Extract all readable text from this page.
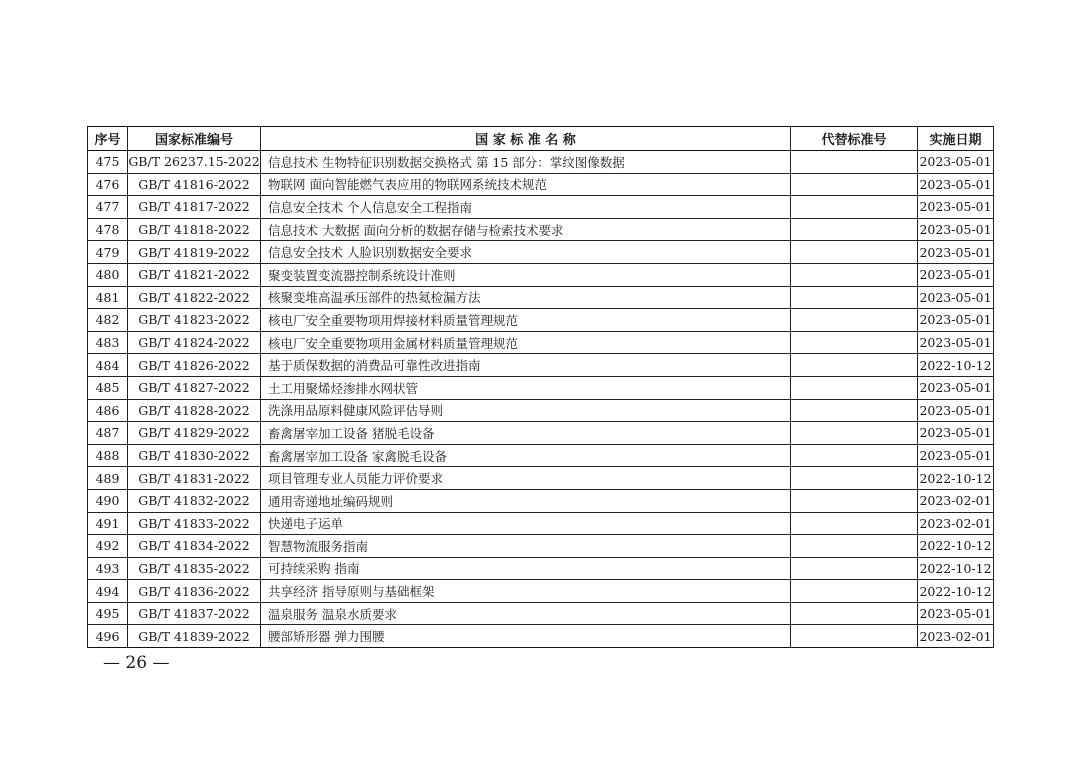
序号	国家标准编号	国 家 标 准 名 称	代替标准号	实施日期
475	GB/T 26237.15-2022	信息技术 生物特征识别数据交换格式 第 15 部分：掌纹图像数据		2023-05-01
476	GB/T 41816-2022	物联网 面向智能燃气表应用的物联网系统技术规范		2023-05-01
477	GB/T 41817-2022	信息安全技术 个人信息安全工程指南		2023-05-01
478	GB/T 41818-2022	信息技术 大数据 面向分析的数据存储与检索技术要求		2023-05-01
479	GB/T 41819-2022	信息安全技术 人脸识别数据安全要求		2023-05-01
480	GB/T 41821-2022	聚变装置变流器控制系统设计准则		2023-05-01
481	GB/T 41822-2022	核聚变堆高温承压部件的热氦检漏方法		2023-05-01
482	GB/T 41823-2022	核电厂安全重要物项用焊接材料质量管理规范		2023-05-01
483	GB/T 41824-2022	核电厂安全重要物项用金属材料质量管理规范		2023-05-01
484	GB/T 41826-2022	基于质保数据的消费品可靠性改进指南		2022-10-12
485	GB/T 41827-2022	土工用聚烯烃渗排水网状管		2023-05-01
486	GB/T 41828-2022	洗涤用品原料健康风险评估导则		2023-05-01
487	GB/T 41829-2022	畜禽屠宰加工设备 猪脱毛设备		2023-05-01
488	GB/T 41830-2022	畜禽屠宰加工设备 家禽脱毛设备		2023-05-01
489	GB/T 41831-2022	项目管理专业人员能力评价要求		2022-10-12
490	GB/T 41832-2022	通用寄递地址编码规则		2023-02-01
491	GB/T 41833-2022	快递电子运单		2023-02-01
492	GB/T 41834-2022	智慧物流服务指南		2022-10-12
493	GB/T 41835-2022	可持续采购 指南		2022-10-12
494	GB/T 41836-2022	共享经济 指导原则与基础框架		2022-10-12
495	GB/T 41837-2022	温泉服务 温泉水质要求		2023-05-01
496	GB/T 41839-2022	腰部矫形器 弹力围腰		2023-02-01
— 26 —
